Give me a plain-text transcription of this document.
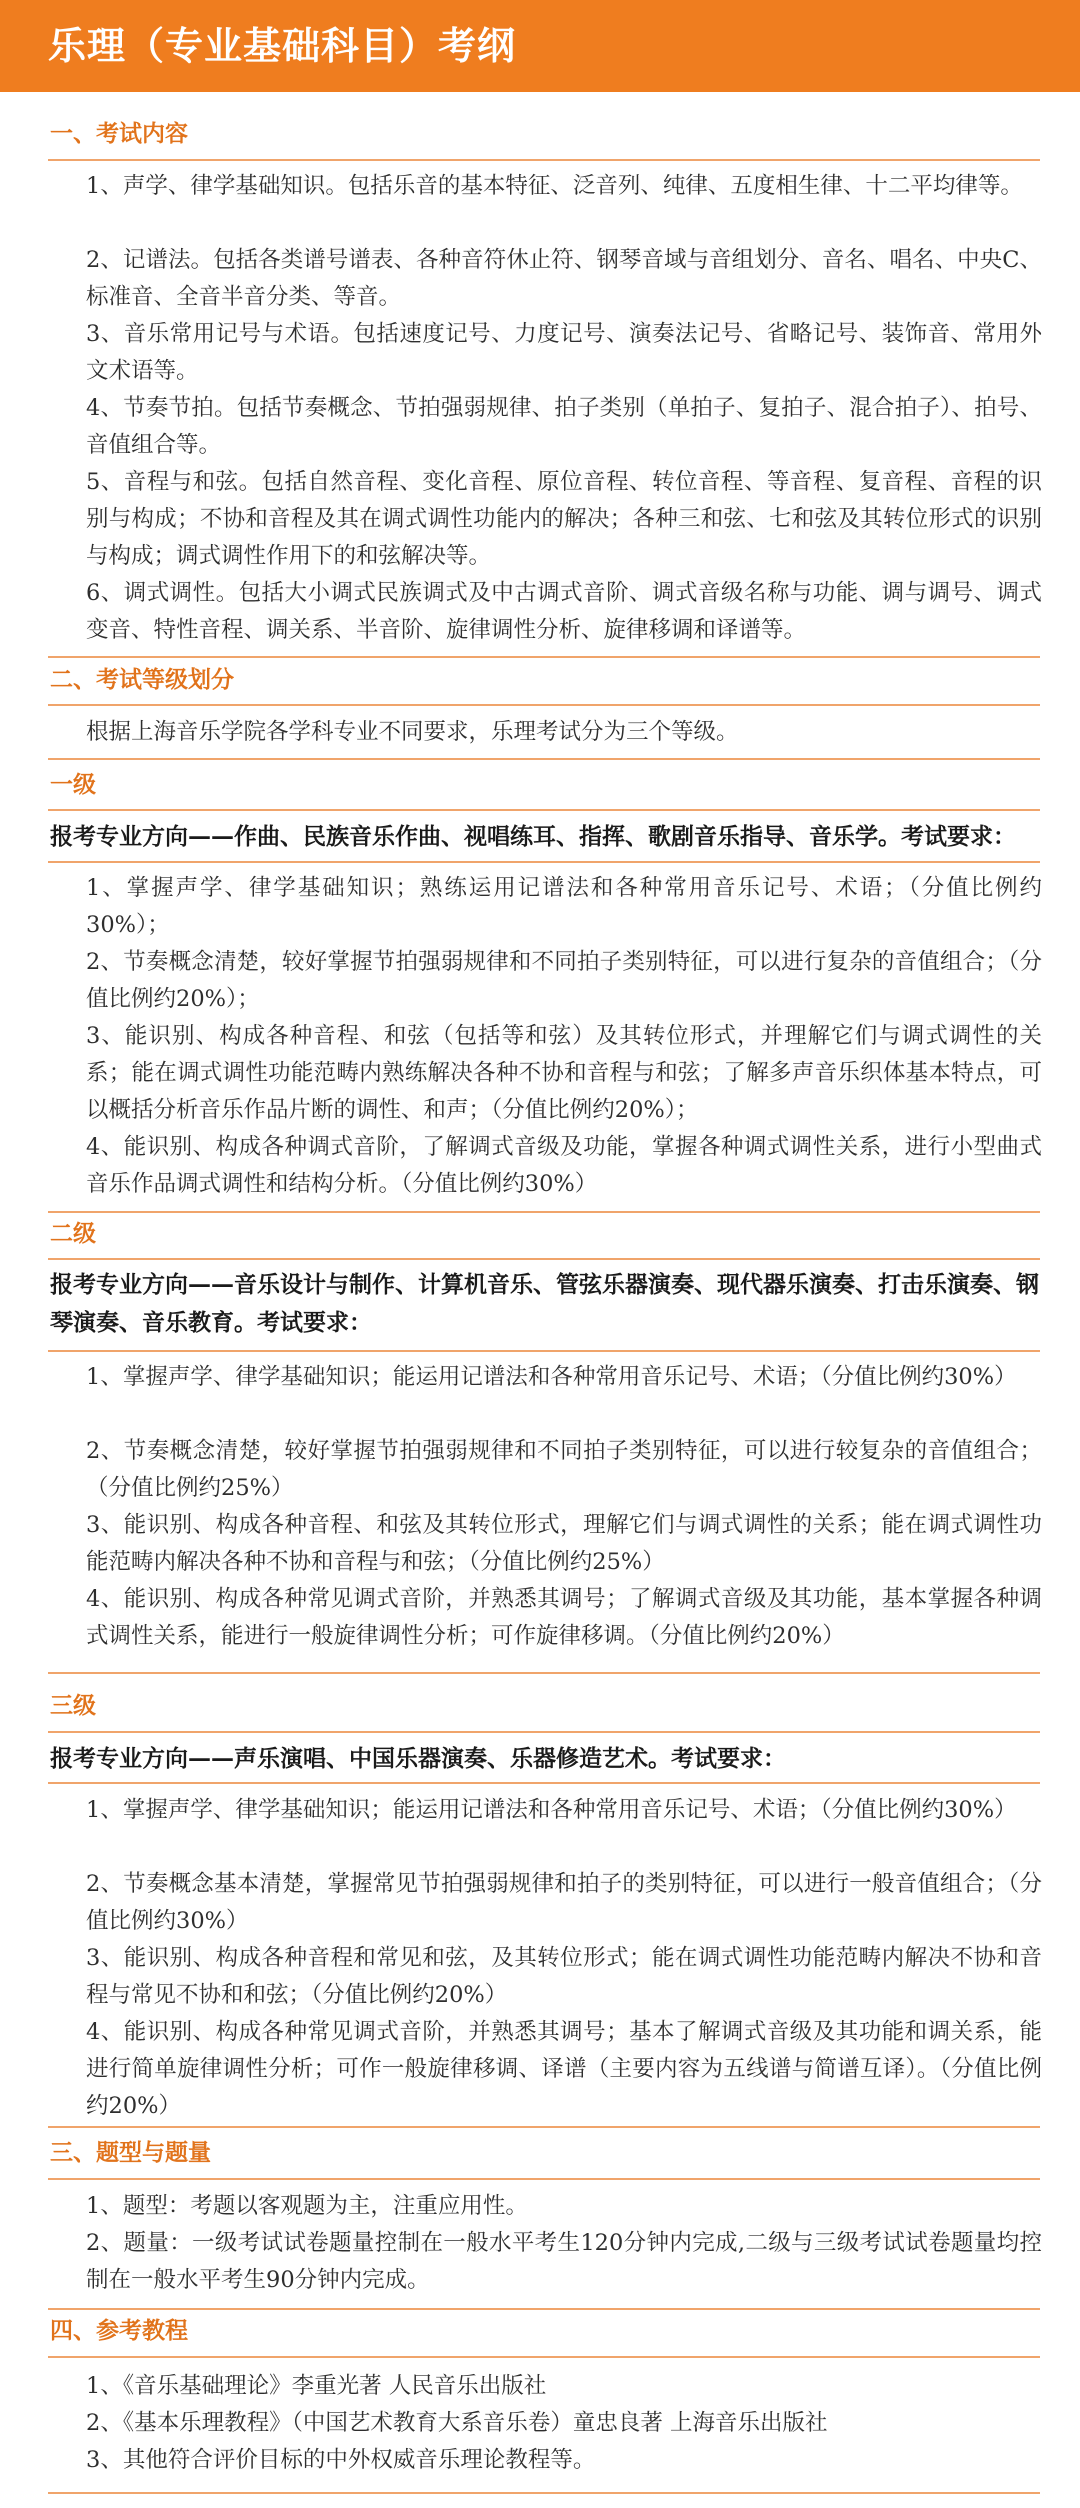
乐理（专业基础科目）考纲
一、考试内容
1、声学、律学基础知识。包括乐音的基本特征、泛音列、纯律、五度相生律、十二平均律等。
2、记谱法。包括各类谱号谱表、各种音符休止符、钢琴音域与音组划分、音名、唱名、中央C、标准音、全音半音分类、等音。
3、音乐常用记号与术语。包括速度记号、力度记号、演奏法记号、省略记号、装饰音、常用外文术语等。
4、节奏节拍。包括节奏概念、节拍强弱规律、拍子类别（单拍子、复拍子、混合拍子）、拍号、音值组合等。
5、音程与和弦。包括自然音程、变化音程、原位音程、转位音程、等音程、复音程、音程的识别与构成；不协和音程及其在调式调性功能内的解决；各种三和弦、七和弦及其转位形式的识别与构成；调式调性作用下的和弦解决等。
6、调式调性。包括大小调式民族调式及中古调式音阶、调式音级名称与功能、调与调号、调式变音、特性音程、调关系、半音阶、旋律调性分析、旋律移调和译谱等。
二、考试等级划分
根据上海音乐学院各学科专业不同要求，乐理考试分为三个等级。
一级
报考专业方向——作曲、民族音乐作曲、视唱练耳、指挥、歌剧音乐指导、音乐学。考试要求：
1、掌握声学、律学基础知识；熟练运用记谱法和各种常用音乐记号、术语；（分值比例约30%）；
2、节奏概念清楚，较好掌握节拍强弱规律和不同拍子类别特征，可以进行复杂的音值组合；（分值比例约20%）；
3、能识别、构成各种音程、和弦（包括等和弦）及其转位形式，并理解它们与调式调性的关系；能在调式调性功能范畴内熟练解决各种不协和音程与和弦；了解多声音乐织体基本特点，可以概括分析音乐作品片断的调性、和声；（分值比例约20%）；
4、能识别、构成各种调式音阶，了解调式音级及功能，掌握各种调式调性关系，进行小型曲式音乐作品调式调性和结构分析。（分值比例约30%）
二级
报考专业方向——音乐设计与制作、计算机音乐、管弦乐器演奏、现代器乐演奏、打击乐演奏、钢琴演奏、音乐教育。考试要求：
1、掌握声学、律学基础知识；能运用记谱法和各种常用音乐记号、术语；（分值比例约30%）
2、节奏概念清楚，较好掌握节拍强弱规律和不同拍子类别特征，可以进行较复杂的音值组合；（分值比例约25%）
3、能识别、构成各种音程、和弦及其转位形式，理解它们与调式调性的关系；能在调式调性功能范畴内解决各种不协和音程与和弦；（分值比例约25%）
4、能识别、构成各种常见调式音阶，并熟悉其调号；了解调式音级及其功能，基本掌握各种调式调性关系，能进行一般旋律调性分析；可作旋律移调。（分值比例约20%）
三级
报考专业方向——声乐演唱、中国乐器演奏、乐器修造艺术。考试要求：
1、掌握声学、律学基础知识；能运用记谱法和各种常用音乐记号、术语；（分值比例约30%）
2、节奏概念基本清楚，掌握常见节拍强弱规律和拍子的类别特征，可以进行一般音值组合；（分值比例约30%）
3、能识别、构成各种音程和常见和弦，及其转位形式；能在调式调性功能范畴内解决不协和音程与常见不协和和弦；（分值比例约20%）
4、能识别、构成各种常见调式音阶，并熟悉其调号；基本了解调式音级及其功能和调关系，能进行简单旋律调性分析；可作一般旋律移调、译谱（主要内容为五线谱与简谱互译）。（分值比例约20%）
三、题型与题量
1、题型：考题以客观题为主，注重应用性。
2、题量：一级考试试卷题量控制在一般水平考生120分钟内完成,二级与三级考试试卷题量均控制在一般水平考生90分钟内完成。
四、参考教程
1、《音乐基础理论》李重光著 人民音乐出版社
2、《基本乐理教程》（中国艺术教育大系音乐卷）童忠良著 上海音乐出版社
3、其他符合评价目标的中外权威音乐理论教程等。
